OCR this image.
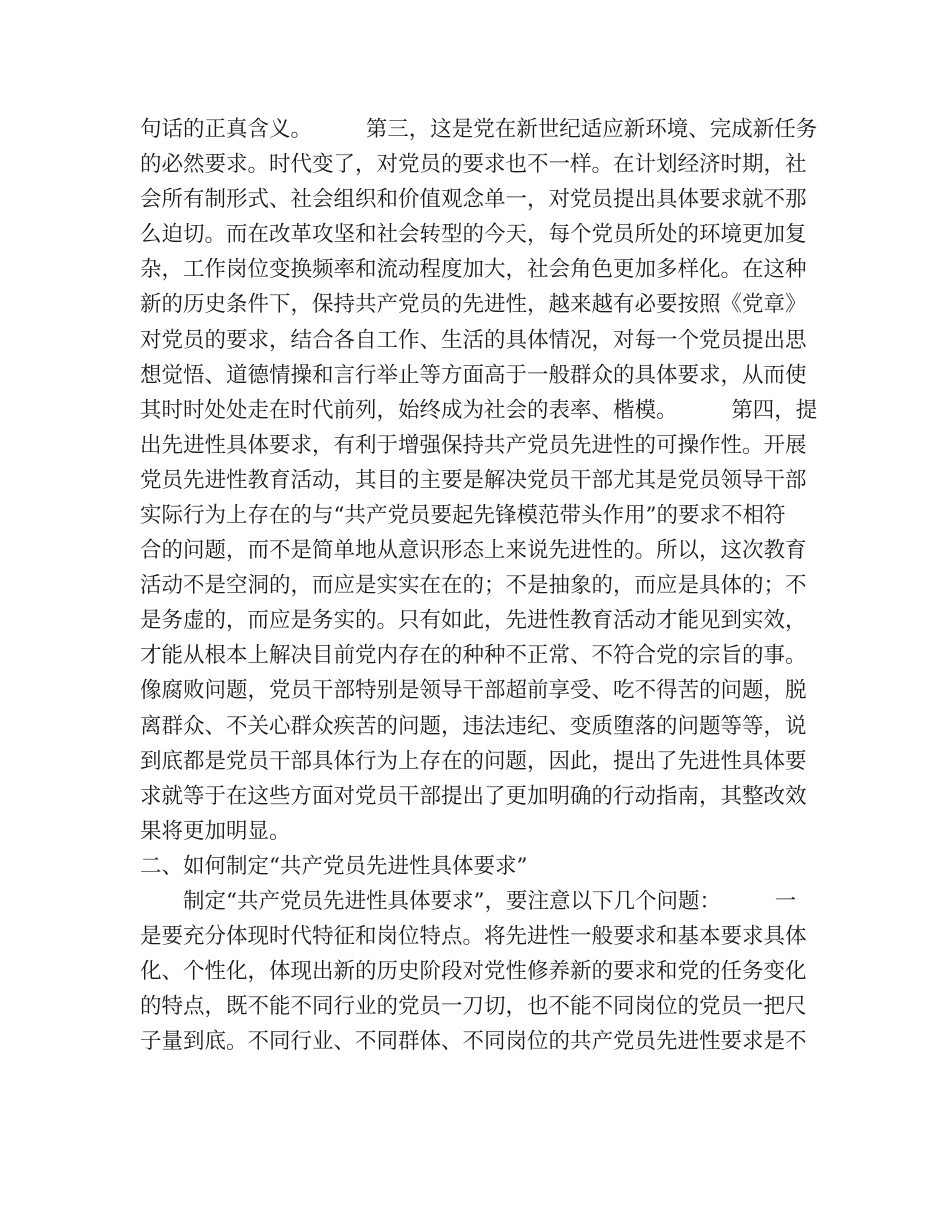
句话的正真含义。　　　第三，这是党在新世纪适应新环境、完成新任务
的必然要求。时代变了，对党员的要求也不一样。在计划经济时期，社
会所有制形式、社会组织和价值观念单一，对党员提出具体要求就不那
么迫切。而在改革攻坚和社会转型的今天，每个党员所处的环境更加复
杂，工作岗位变换频率和流动程度加大，社会角色更加多样化。在这种
新的历史条件下，保持共产党员的先进性，越来越有必要按照《党章》
对党员的要求，结合各自工作、生活的具体情况，对每一个党员提出思
想觉悟、道德情操和言行举止等方面高于一般群众的具体要求，从而使
其时时处处走在时代前列，始终成为社会的表率、楷模。　　　第四，提
出先进性具体要求，有利于增强保持共产党员先进性的可操作性。开展
党员先进性教育活动，其目的主要是解决党员干部尤其是党员领导干部
实际行为上存在的与“共产党员要起先锋模范带头作用”的要求不相符
合的问题，而不是简单地从意识形态上来说先进性的。所以，这次教育
活动不是空洞的，而应是实实在在的；不是抽象的，而应是具体的；不
是务虚的，而应是务实的。只有如此，先进性教育活动才能见到实效，
才能从根本上解决目前党内存在的种种不正常、不符合党的宗旨的事。
像腐败问题，党员干部特别是领导干部超前享受、吃不得苦的问题，脱
离群众、不关心群众疾苦的问题，违法违纪、变质堕落的问题等等，说
到底都是党员干部具体行为上存在的问题，因此，提出了先进性具体要
求就等于在这些方面对党员干部提出了更加明确的行动指南，其整改效
果将更加明显。
二、如何制定“共产党员先进性具体要求”
　　制定“共产党员先进性具体要求”，要注意以下几个问题：　　　一
是要充分体现时代特征和岗位特点。将先进性一般要求和基本要求具体
化、个性化，体现出新的历史阶段对党性修养新的要求和党的任务变化
的特点，既不能不同行业的党员一刀切，也不能不同岗位的党员一把尺
子量到底。不同行业、不同群体、不同岗位的共产党员先进性要求是不
